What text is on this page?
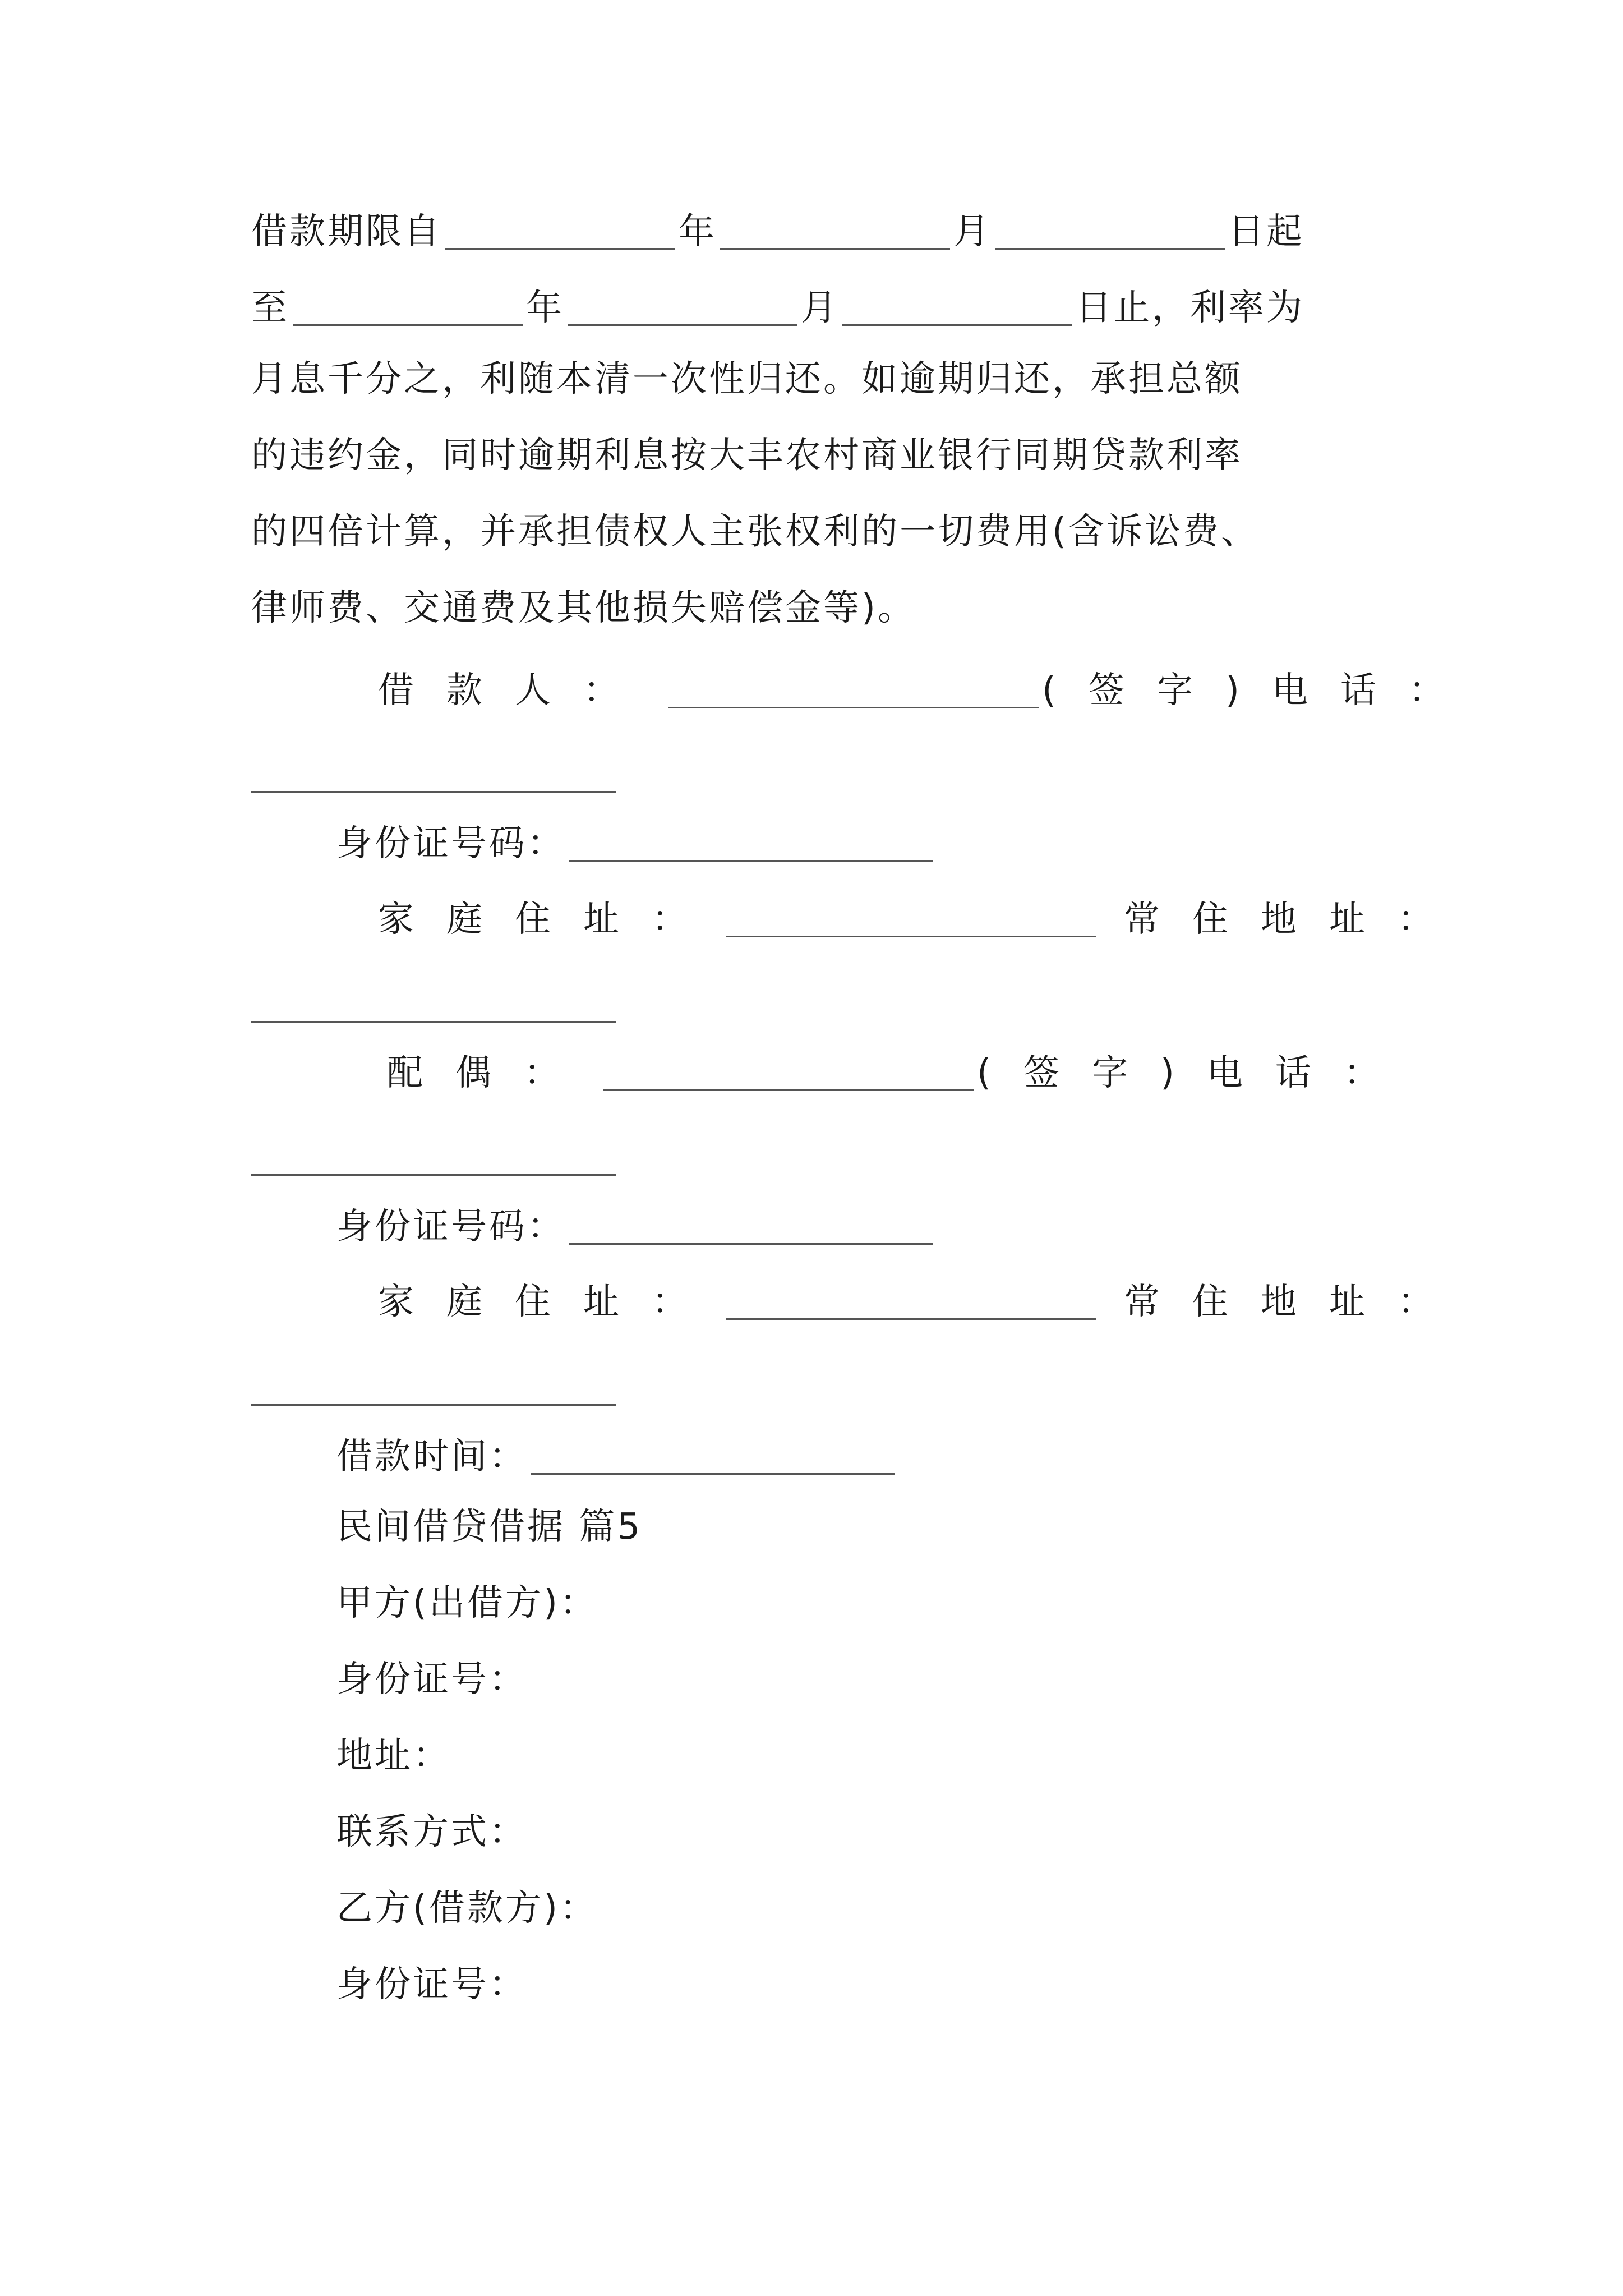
借款期限自	年	月	日起
至	年	月	日止，利率为
月息千分之，利随本清一次性归还。如逾期归还，承担总额
的违约金，同时逾期利息按大丰农村商业银行同期贷款利率
的四倍计算，并承担债权人主张权利的一切费用(含诉讼费、
律师费、交通费及其他损失赔偿金等)。
借款人：	(签字) 电话：
身份证号码：
家庭住址：	常住地址：
配偶：	(签字) 电话：
身份证号码：
家庭住址：	常住地址：
借款时间：
民间借贷借据 篇5
甲方(出借方)：
身份证号：
地址：
联系方式：
乙方(借款方)：
身份证号：
